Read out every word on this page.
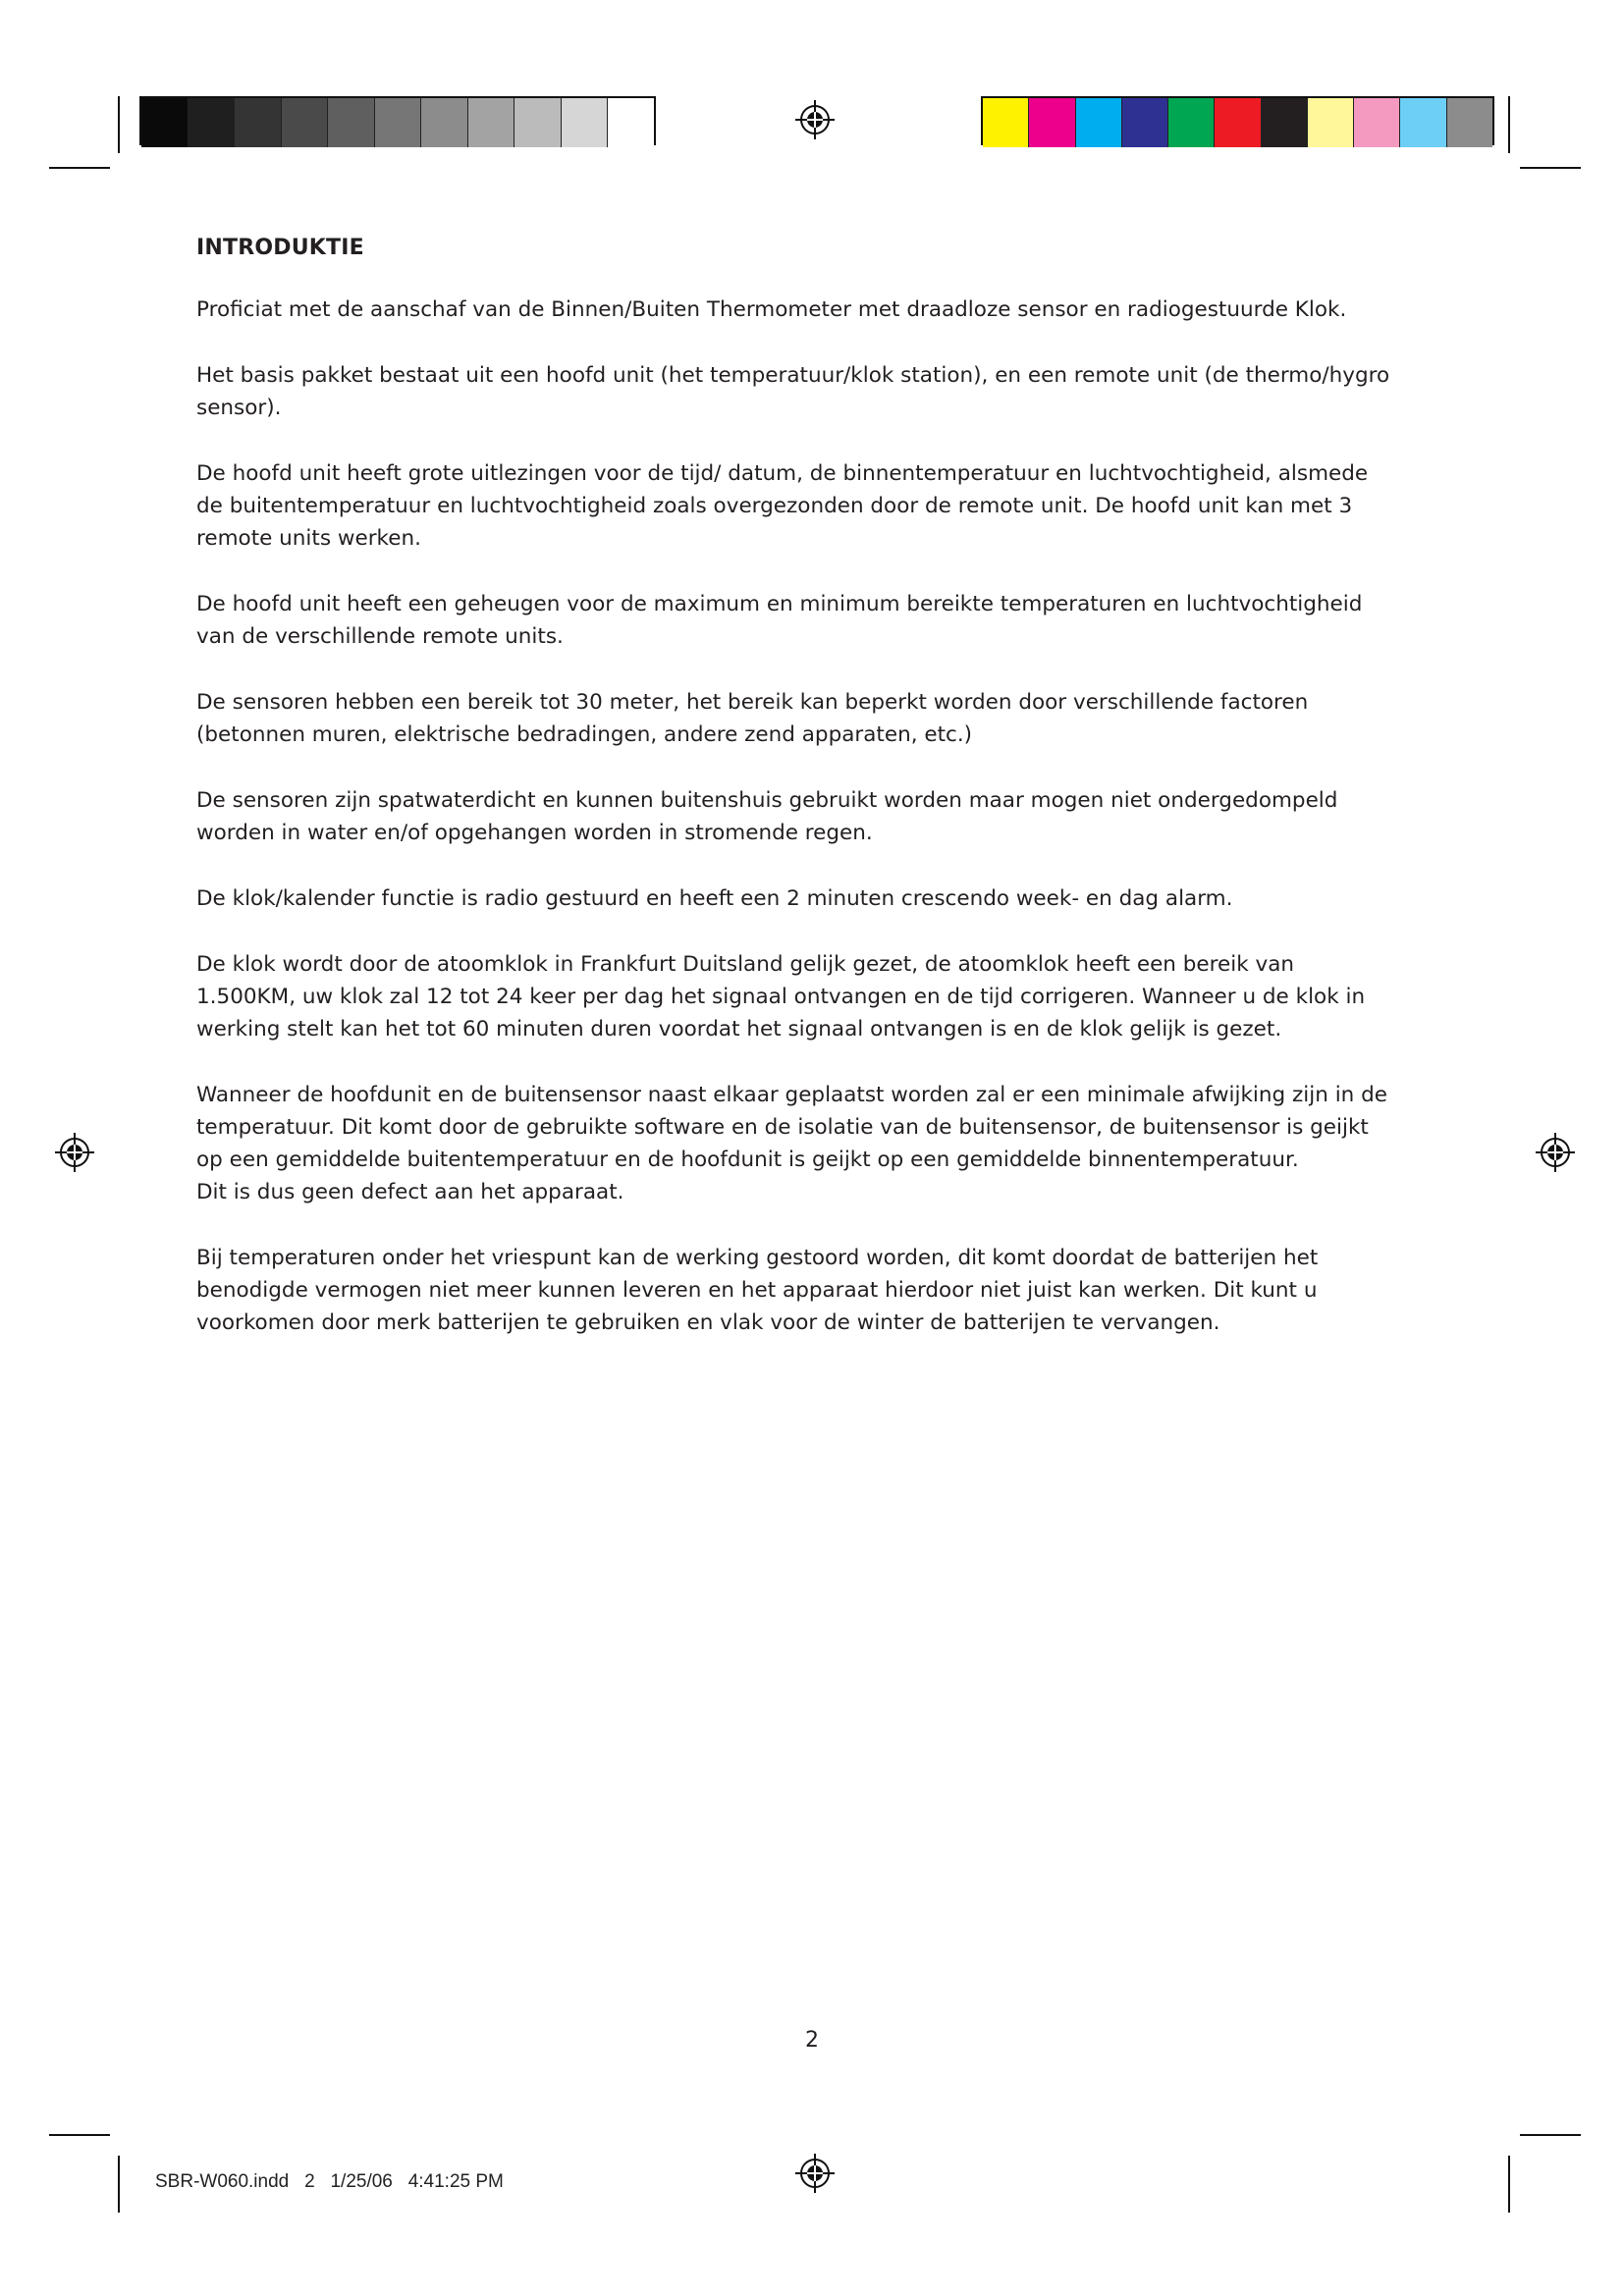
INTRODUKTIE

Proficiat met de aanschaf van de Binnen/Buiten Thermometer met draadloze sensor en radiogestuurde Klok.

Het basis pakket bestaat uit een hoofd unit (het temperatuur/klok station), en een remote unit (de thermo/hygro
sensor).

De hoofd unit heeft grote uitlezingen voor de tijd/ datum, de binnentemperatuur en luchtvochtigheid, alsmede
de buitentemperatuur en luchtvochtigheid zoals overgezonden door de remote unit. De hoofd unit kan met 3
remote units werken.

De hoofd unit heeft een geheugen voor de maximum en minimum bereikte temperaturen en luchtvochtigheid
van de verschillende remote units.

De sensoren hebben een bereik tot 30 meter, het bereik kan beperkt worden door verschillende factoren
(betonnen muren, elektrische bedradingen, andere zend apparaten, etc.)

De sensoren zijn spatwaterdicht en kunnen buitenshuis gebruikt worden maar mogen niet ondergedompeld
worden in water en/of opgehangen worden in stromende regen.

De klok/kalender functie is radio gestuurd en heeft een 2 minuten crescendo week- en dag alarm.

De klok wordt door de atoomklok in Frankfurt Duitsland gelijk gezet, de atoomklok heeft een bereik van
1.500KM, uw klok zal 12 tot 24 keer per dag het signaal ontvangen en de tijd corrigeren. Wanneer u de klok in
werking stelt kan het tot 60 minuten duren voordat het signaal ontvangen is en de klok gelijk is gezet.

Wanneer de hoofdunit en de buitensensor naast elkaar geplaatst worden zal er een minimale afwijking zijn in de
temperatuur. Dit komt door de gebruikte software en de isolatie van de buitensensor, de buitensensor is geijkt
op een gemiddelde buitentemperatuur en de hoofdunit is geijkt op een gemiddelde binnentemperatuur.
Dit is dus geen defect aan het apparaat.

Bij temperaturen onder het vriespunt kan de werking gestoord worden, dit komt doordat de batterijen het
benodigde vermogen niet meer kunnen leveren en het apparaat hierdoor niet juist kan werken. Dit kunt u
voorkomen door merk batterijen te gebruiken en vlak voor de winter de batterijen te vervangen.

2
SBR-W060.indd   2   1/25/06   4:41:25 PM
